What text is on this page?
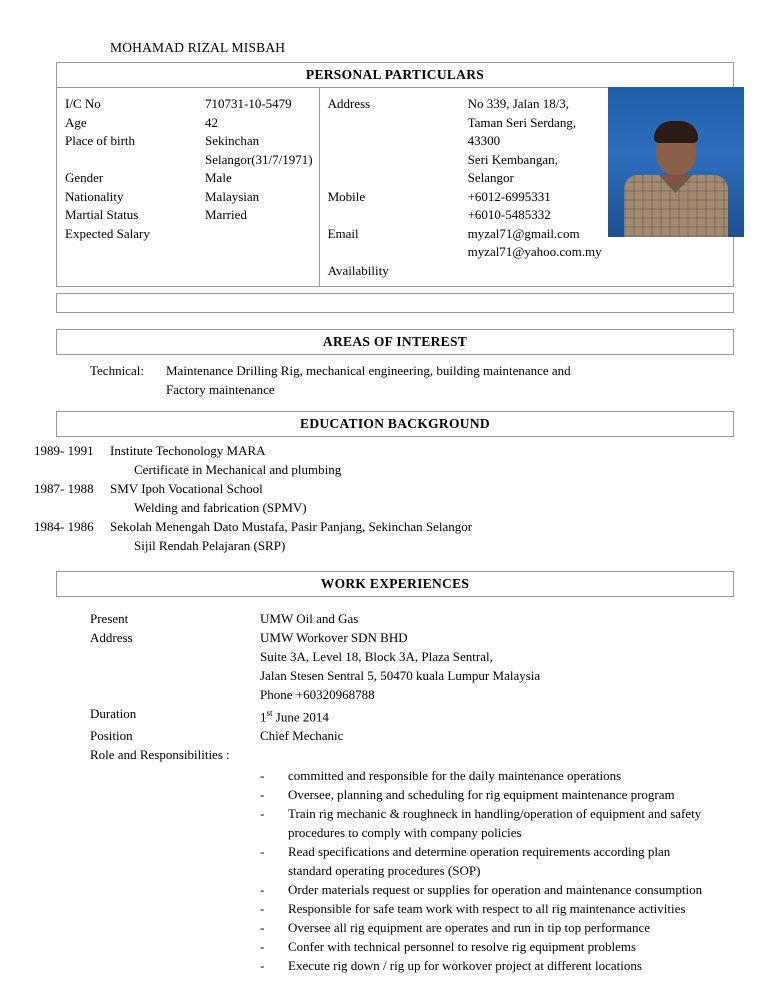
MOHAMAD RIZAL MISBAH
PERSONAL PARTICULARS
I/C No	710731-10-5479
Age	42
Place of birth	Sekinchan
Selangor(31/7/1971)
Gender	Male
Nationality	Malaysian
Martial Status	Married
Expected Salary
Address	No 339, Jalan 18/3,
Taman Seri Serdang, 43300
Seri Kembangan, Selangor
Mobile	+6012-6995331
+6010-5485332
Email	myzal71@gmail.com
myzal71@yahoo.com.my
Availability
AREAS OF INTEREST
Technical:	Maintenance Drilling Rig, mechanical engineering, building maintenance and
Factory maintenance
EDUCATION BACKGROUND
1989- 1991	Institute Techonology MARA
Certificate in Mechanical and plumbing
1987- 1988	SMV Ipoh Vocational School
Welding and fabrication (SPMV)
1984- 1986	Sekolah Menengah Dato Mustafa, Pasir Panjang, Sekinchan Selangor
Sijil Rendah Pelajaran (SRP)
WORK EXPERIENCES
Present	UMW Oil and Gas
Address	UMW Workover SDN BHD
Suite 3A, Level 18, Block 3A, Plaza Sentral,
Jalan Stesen Sentral 5, 50470 kuala Lumpur Malaysia
Phone +60320968788
Duration	1st June 2014
Position	Chief Mechanic
Role and Responsibilities :
-	committed and responsible for the daily maintenance operations
-	Oversee, planning and scheduling for rig equipment maintenance program
-	Train rig mechanic & roughneck in handling/operation of equipment and safety procedures to comply with company policies
-	Read specifications and determine operation requirements according plan standard operating procedures (SOP)
-	Order materials request or supplies for operation and maintenance consumption
-	Responsible for safe team work with respect to all rig maintenance activities
-	Oversee all rig equipment are operates and run in tip top performance
-	Confer with technical personnel to resolve rig equipment problems
-	Execute rig down / rig up for workover project at different locations
